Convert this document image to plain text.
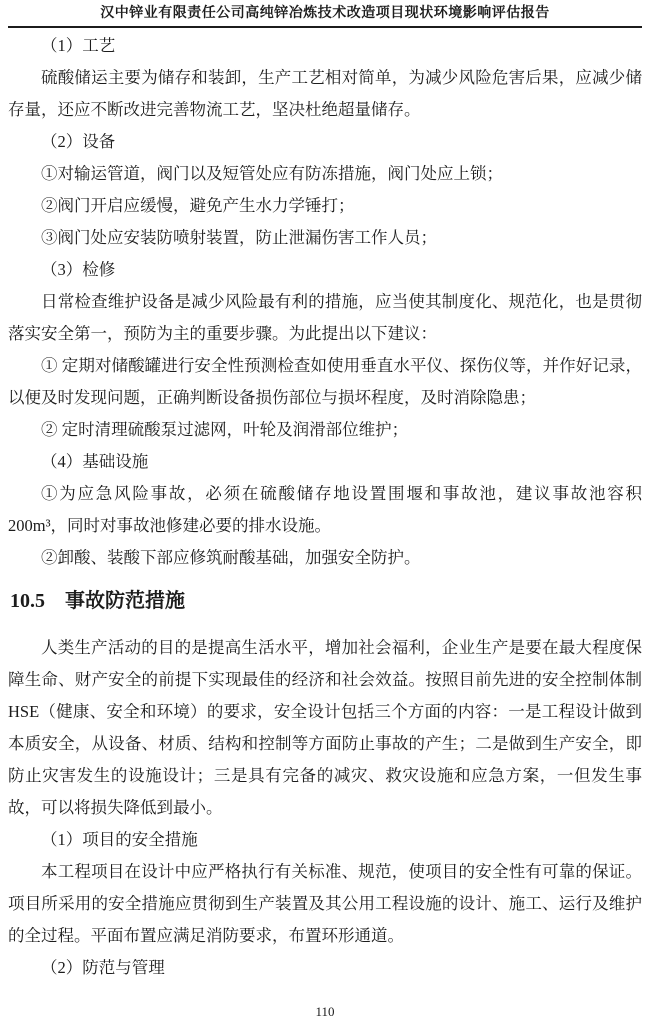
汉中锌业有限责任公司高纯锌冶炼技术改造项目现状环境影响评估报告

（1）工艺

硫酸储运主要为储存和装卸，生产工艺相对简单，为减少风险危害后果，应减少储存量，还应不断改进完善物流工艺，坚决杜绝超量储存。

（2）设备

①对输运管道，阀门以及短管处应有防冻措施，阀门处应上锁；

②阀门开启应缓慢，避免产生水力学锤打；

③阀门处应安装防喷射装置，防止泄漏伤害工作人员；

（3）检修

日常检查维护设备是减少风险最有利的措施，应当使其制度化、规范化，也是贯彻落实安全第一，预防为主的重要步骤。为此提出以下建议：

① 定期对储酸罐进行安全性预测检查如使用垂直水平仪、探伤仪等，并作好记录，以便及时发现问题，正确判断设备损伤部位与损坏程度，及时消除隐患；

② 定时清理硫酸泵过滤网，叶轮及润滑部位维护；

（4）基础设施

①为应急风险事故，必须在硫酸储存地设置围堰和事故池，建议事故池容积 200m³，同时对事故池修建必要的排水设施。

②卸酸、装酸下部应修筑耐酸基础，加强安全防护。

10.5　事故防范措施

人类生产活动的目的是提高生活水平，增加社会福利，企业生产是要在最大程度保障生命、财产安全的前提下实现最佳的经济和社会效益。按照目前先进的安全控制体制HSE（健康、安全和环境）的要求，安全设计包括三个方面的内容：一是工程设计做到本质安全，从设备、材质、结构和控制等方面防止事故的产生；二是做到生产安全，即防止灾害发生的设施设计；三是具有完备的减灾、救灾设施和应急方案，一但发生事故，可以将损失降低到最小。

（1）项目的安全措施

本工程项目在设计中应严格执行有关标准、规范，使项目的安全性有可靠的保证。项目所采用的安全措施应贯彻到生产装置及其公用工程设施的设计、施工、运行及维护的全过程。平面布置应满足消防要求，布置环形通道。

（2）防范与管理

110
